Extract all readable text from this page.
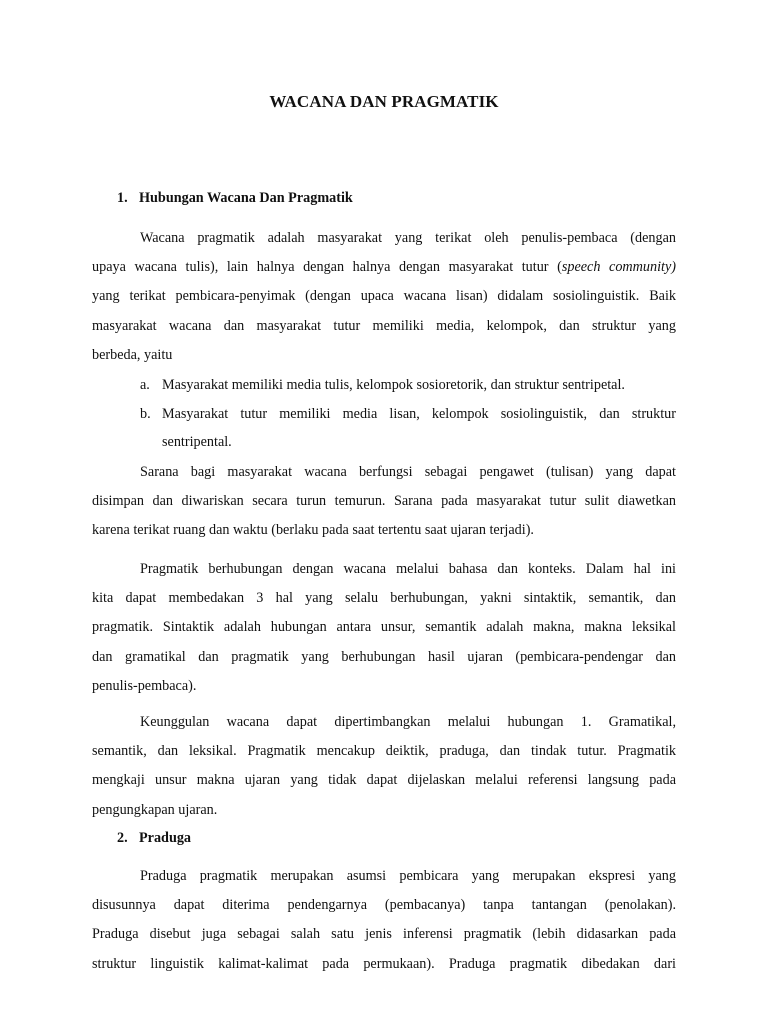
WACANA DAN PRAGMATIK
1. Hubungan Wacana Dan Pragmatik
Wacana pragmatik adalah masyarakat yang terikat oleh penulis-pembaca (dengan
upaya wacana tulis), lain halnya dengan halnya dengan masyarakat tutur (speech community)
yang terikat pembicara-penyimak (dengan upaca wacana lisan) didalam sosiolinguistik. Baik
masyarakat wacana dan masyarakat tutur memiliki media, kelompok, dan struktur yang
berbeda, yaitu
a. Masyarakat memiliki media tulis, kelompok sosioretorik, dan struktur sentripetal.
b. Masyarakat tutur memiliki media lisan, kelompok sosiolinguistik, dan struktur
sentripental.
Sarana bagi masyarakat wacana berfungsi sebagai pengawet (tulisan) yang dapat
disimpan dan diwariskan secara turun temurun. Sarana pada masyarakat tutur sulit diawetkan
karena terikat ruang dan waktu (berlaku pada saat tertentu saat ujaran terjadi).
Pragmatik berhubungan dengan wacana melalui bahasa dan konteks. Dalam hal ini
kita dapat membedakan 3 hal yang selalu berhubungan, yakni sintaktik, semantik, dan
pragmatik. Sintaktik adalah hubungan antara unsur, semantik adalah makna, makna leksikal
dan gramatikal dan pragmatik yang berhubungan hasil ujaran (pembicara-pendengar dan
penulis-pembaca).
Keunggulan wacana dapat dipertimbangkan melalui hubungan 1. Gramatikal,
semantik, dan leksikal. Pragmatik mencakup deiktik, praduga, dan tindak tutur. Pragmatik
mengkaji unsur makna ujaran yang tidak dapat dijelaskan melalui referensi langsung pada
pengungkapan ujaran.
2. Praduga
Praduga pragmatik merupakan asumsi pembicara yang merupakan ekspresi yang
disusunnya dapat diterima pendengarnya (pembacanya) tanpa tantangan (penolakan).
Praduga disebut juga sebagai salah satu jenis inferensi pragmatik (lebih didasarkan pada
struktur linguistik kalimat-kalimat pada permukaan). Praduga pragmatik dibedakan dari
